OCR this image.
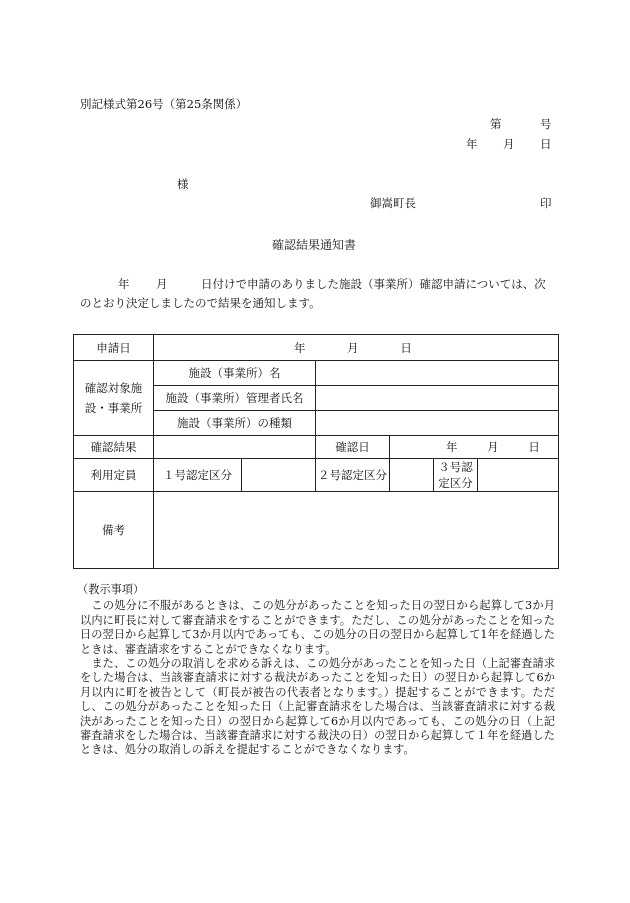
別記様式第26号（第25条関係）
第	号
年 月 日
様
御嵩町長	印
確認結果通知書
年 月	日付けで申請のありました施設（事業所）確認申請については、次
のとおり決定しましたので結果を通知します。
申請日	年 月 日					
確認対象施
設・事業所	施設（事業所）名					
	施設（事業所）管理者氏名					
	施設（事業所）の種類					
確認結果			確認日	年 月 日		
利用定員	１号認定区分		２号認定区分		３号認定区分	
備考						

（教示事項）

　この処分に不服があるときは、この処分があったことを知った日の翌日から起算して3か月以内に町長に対して審査請求をすることができます。ただし、この処分があったことを知った日の翌日から起算して3か月以内であっても、この処分の日の翌日から起算して1年を経過したときは、審査請求をすることができなくなります。

　また、この処分の取消しを求める訴えは、この処分があったことを知った日（上記審査請求をした場合は、当該審査請求に対する裁決があったことを知った日）の翌日から起算して6か月以内に町を被告として（町長が被告の代表者となります。）提起することができます。ただし、この処分があったことを知った日（上記審査請求をした場合は、当該審査請求に対する裁決があったことを知った日）の翌日から起算して6か月以内であっても、この処分の日（上記審査請求をした場合は、当該審査請求に対する裁決の日）の翌日から起算して１年を経過したときは、処分の取消しの訴えを提起することができなくなります。
